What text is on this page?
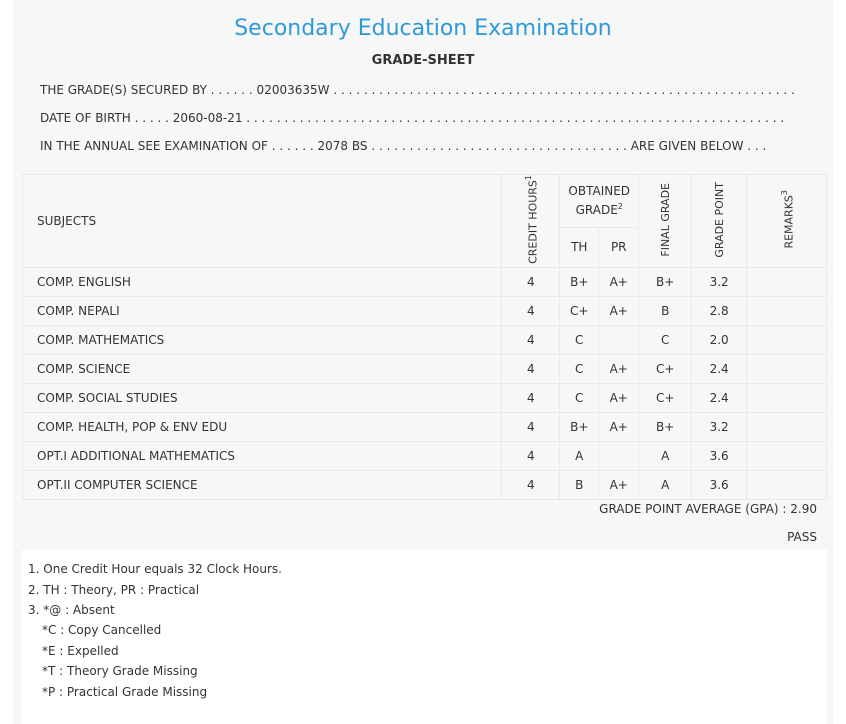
Secondary Education Examination
GRADE-SHEET
THE GRADE(S) SECURED BY . . . . . . 02003635W . . . . . . . . . . . . . . . . . . . . . . . . . . . . . . . . . . . . . . . . . . . . . . . . . . . . . . . . . . . . .
DATE OF BIRTH . . . . . 2060-08-21 . . . . . . . . . . . . . . . . . . . . . . . . . . . . . . . . . . . . . . . . . . . . . . . . . . . . . . . . . . . . . . . . . . . . . . .
IN THE ANNUAL SEE EXAMINATION OF . . . . . . 2078 BS . . . . . . . . . . . . . . . . . . . . . . . . . . . . . . . . . . ARE GIVEN BELOW . . .
SUBJECTS	CREDIT HOURS$^1$	OBTAINED GRADE$^2$		FINAL GRADE	GRADE POINT	REMARKS$^3$
		TH	PR			
COMP. ENGLISH	4	B+	A+	B+	3.2	
COMP. NEPALI	4	C+	A+	B	2.8	
COMP. MATHEMATICS	4	C		C	2.0	
COMP. SCIENCE	4	C	A+	C+	2.4	
COMP. SOCIAL STUDIES	4	C	A+	C+	2.4	
COMP. HEALTH, POP & ENV EDU	4	B+	A+	B+	3.2	
OPT.I ADDITIONAL MATHEMATICS	4	A		A	3.6	
OPT.II COMPUTER SCIENCE	4	B	A+	A	3.6	
GRADE POINT AVERAGE (GPA) : 2.90
PASS
1. One Credit Hour equals 32 Clock Hours.
2. TH : Theory, PR : Practical
3. *@ : Absent
*C : Copy Cancelled
*E : Expelled
*T : Theory Grade Missing
*P : Practical Grade Missing
